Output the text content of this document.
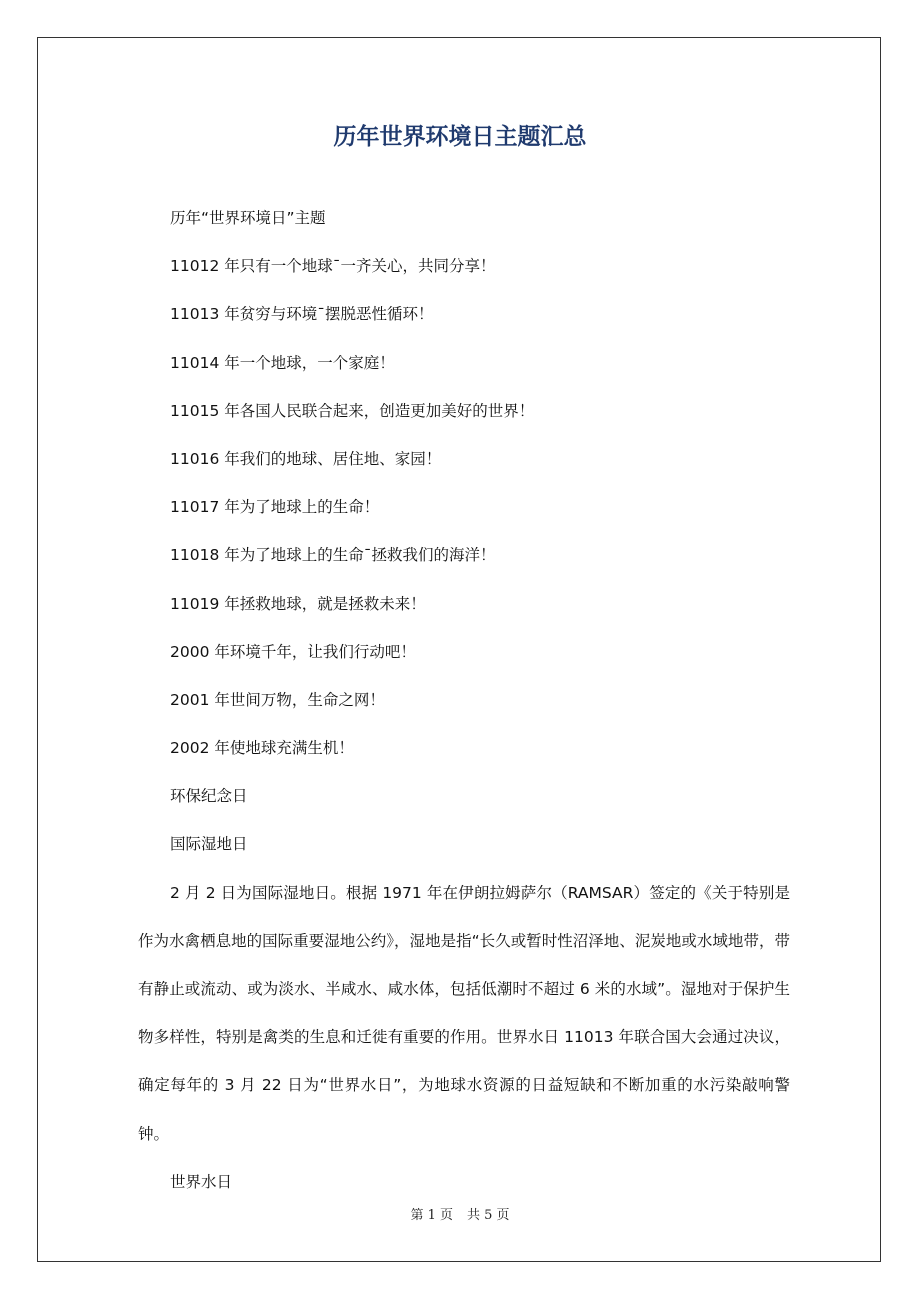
历年世界环境日主题汇总
历年“世界环境日”主题
11012 年只有一个地球¯一齐关心，共同分享！
11013 年贫穷与环境¯摆脱恶性循环！
11014 年一个地球，一个家庭！
11015 年各国人民联合起来，创造更加美好的世界！
11016 年我们的地球、居住地、家园！
11017 年为了地球上的生命！
11018 年为了地球上的生命¯拯救我们的海洋！
11019 年拯救地球，就是拯救未来！
2000 年环境千年，让我们行动吧！
2001 年世间万物，生命之网！
2002 年使地球充满生机！
环保纪念日
国际湿地日

2 月 2 日为国际湿地日。根据 1971 年在伊朗拉姆萨尔（RAMSAR）签定的《关于特别是作为水禽栖息地的国际重要湿地公约》，湿地是指“长久或暂时性沼泽地、泥炭地或水域地带，带有静止或流动、或为淡水、半咸水、咸水体，包括低潮时不超过 6 米的水域”。湿地对于保护生物多样性，特别是禽类的生息和迁徙有重要的作用。世界水日 11013 年联合国大会通过决议，确定每年的 3 月 22 日为“世界水日”，为地球水资源的日益短缺和不断加重的水污染敲响警钟。

世界水日
第 1 页 共 5 页
